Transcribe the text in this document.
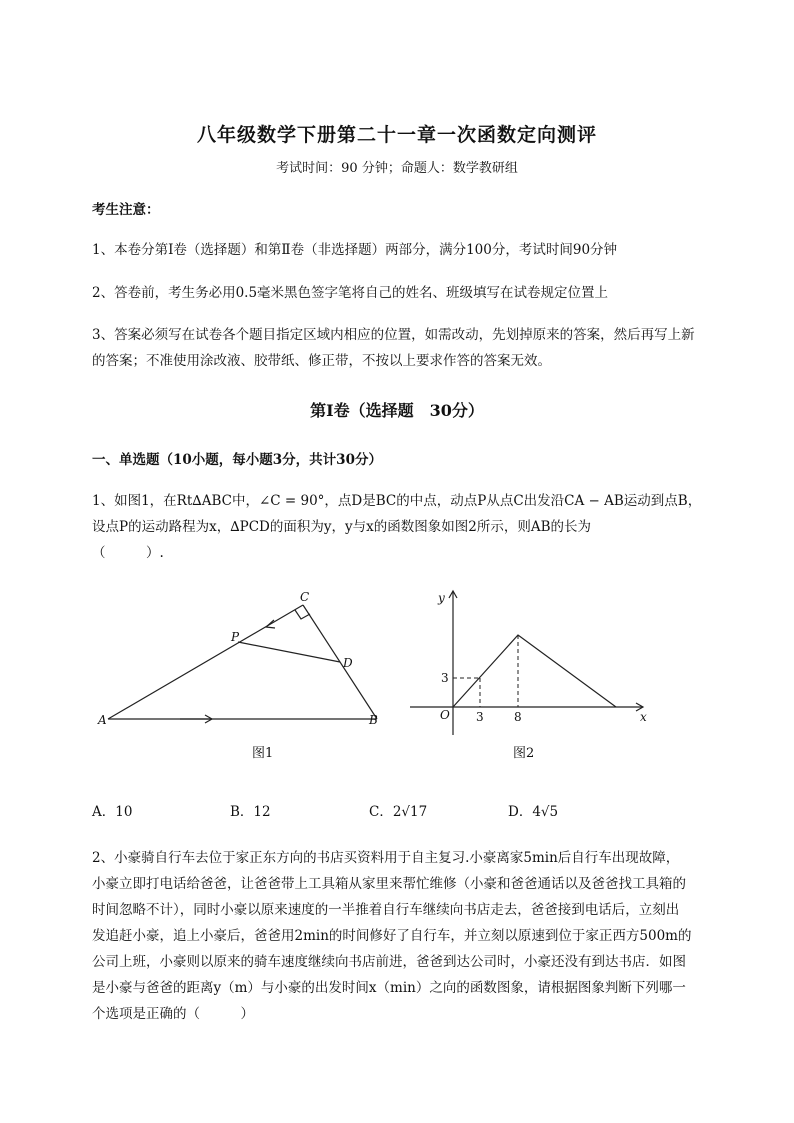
八年级数学下册第二十一章一次函数定向测评
考试时间：90 分钟；命题人：数学教研组
考生注意：
1、本卷分第Ⅰ卷（选择题）和第Ⅱ卷（非选择题）两部分，满分100分，考试时间90分钟
2、答卷前，考生务必用0.5毫米黑色签字笔将自己的姓名、班级填写在试卷规定位置上
3、答案必须写在试卷各个题目指定区域内相应的位置，如需改动，先划掉原来的答案，然后再写上新
的答案；不准使用涂改液、胶带纸、修正带，不按以上要求作答的答案无效。
第Ⅰ卷（选择题　30分）
一、单选题（10小题，每小题3分，共计30分）
1、如图1，在Rt∆ABC中，∠C = 90°，点D是BC的中点，动点P从点C出发沿CA − AB运动到点B，
设点P的运动路程为x，∆PCD的面积为y，y与x的函数图象如图2所示，则AB的长为
（　　　）.
A	B
C
D
P
图1
y
x
O 3	8
3
图2
A．10	B．12	C．2√17	D．4√5
2、小豪骑自行车去位于家正东方向的书店买资料用于自主复习.小豪离家5min后自行车出现故障，
小豪立即打电话给爸爸，让爸爸带上工具箱从家里来帮忙维修（小豪和爸爸通话以及爸爸找工具箱的
时间忽略不计），同时小豪以原来速度的一半推着自行车继续向书店走去，爸爸接到电话后，立刻出
发追赶小豪，追上小豪后，爸爸用2min的时间修好了自行车，并立刻以原速到位于家正西方500m的
公司上班，小豪则以原来的骑车速度继续向书店前进，爸爸到达公司时，小豪还没有到达书店．如图
是小豪与爸爸的距离y（m）与小豪的出发时间x（min）之向的函数图象，请根据图象判断下列哪一
个选项是正确的（　　　）
